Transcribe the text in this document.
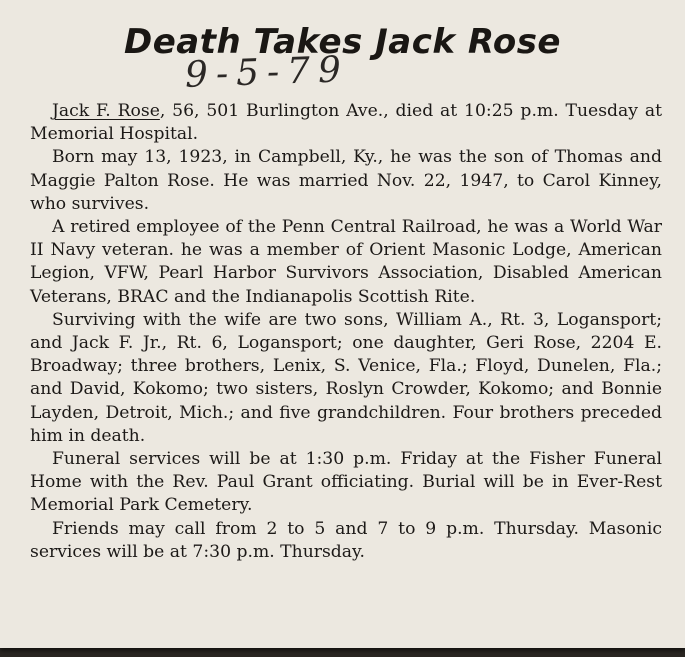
Death Takes Jack Rose
9-5-79

Jack F. Rose, 56, 501 Burlington Ave., died at 10:25 p.m. Tuesday at Memorial Hospital.

Born may 13, 1923, in Campbell, Ky., he was the son of Thomas and Maggie Palton Rose. He was married Nov. 22, 1947, to Carol Kinney, who survives.

A retired employee of the Penn Central Railroad, he was a World War II Navy veteran. he was a member of Orient Masonic Lodge, American Legion, VFW, Pearl Harbor Survivors Association, Disabled American Veterans, BRAC and the Indianapolis Scottish Rite.

Surviving with the wife are two sons, William A., Rt. 3, Logansport; and Jack F. Jr., Rt. 6, Logansport; one daughter, Geri Rose, 2204 E. Broadway; three brothers, Lenix, S. Venice, Fla.; Floyd, Dunelen, Fla.; and David, Kokomo; two sisters, Roslyn Crowder, Kokomo; and Bonnie Layden, Detroit, Mich.; and five grandchildren. Four brothers preceded him in death.

Funeral services will be at 1:30 p.m. Friday at the Fisher Funeral Home with the Rev. Paul Grant officiating. Burial will be in Ever-Rest Memorial Park Cemetery.

Friends may call from 2 to 5 and 7 to 9 p.m. Thursday. Masonic services will be at 7:30 p.m. Thursday.
